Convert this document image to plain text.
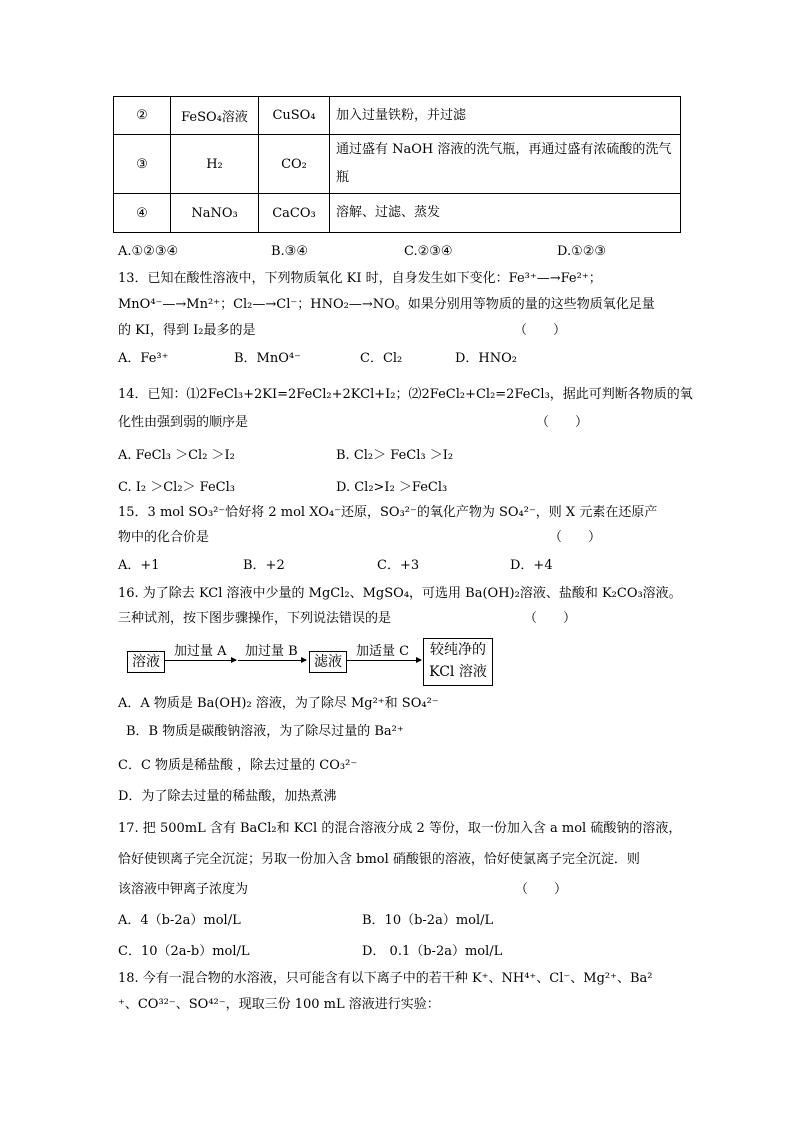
②	FeSO₄溶液	CuSO₄	加入过量铁粉，并过滤
③	H₂	CO₂	通过盛有 NaOH 溶液的洗气瓶，再通过盛有浓硫酸的洗气瓶
④	NaNO₃	CaCO₃	溶解、过滤、蒸发
A.①②③④	B.③④	C.②③④	D.①②③
13．已知在酸性溶液中，下列物质氧化 KI 时，自身发生如下变化：Fe³⁺—→Fe²⁺；
MnO⁴⁻—→Mn²⁺；Cl₂—→Cl⁻；HNO₂—→NO。如果分别用等物质的量的这些物质氧化足量
的 KI，得到 I₂最多的是	（　　）
A．Fe³⁺	B．MnO⁴⁻	C．Cl₂	D．HNO₂
14．已知：⑴2FeCl₃+2KI=2FeCl₂+2KCl+I₂；⑵2FeCl₂+Cl₂=2FeCl₃，据此可判断各物质的氧
化性由强到弱的顺序是	（　　）
A. FeCl₃ ＞Cl₂ ＞I₂	B. Cl₂＞ FeCl₃ ＞I₂
C. I₂ ＞Cl₂＞ FeCl₃	D. Cl₂>I₂ ＞FeCl₃
15．3 mol SO₃²⁻恰好将 2 mol XO₄⁻还原，SO₃²⁻的氧化产物为 SO₄²⁻，则 X 元素在还原产
物中的化合价是	（　　）
A．+1	B．+2	C．+3	D．+4
16. 为了除去 KCl 溶液中少量的 MgCl₂、MgSO₄，可选用 Ba(OH)₂溶液、盐酸和 K₂CO₃溶液。
三种试剂，按下图步骤操作，下列说法错误的是	（　　）
溶液
加过量 A 加过量 B
滤液
加适量 C	较纯净的
KCl 溶液
A．A 物质是 Ba(OH)₂ 溶液，为了除尽 Mg²⁺和 SO₄²⁻
B．B 物质是碳酸钠溶液，为了除尽过量的 Ba²⁺
C．C 物质是稀盐酸 ，除去过量的 CO₃²⁻
D．为了除去过量的稀盐酸，加热煮沸
17. 把 500mL 含有 BaCl₂和 KCl 的混合溶液分成 2 等份，取一份加入含 a mol 硫酸钠的溶液，
恰好使钡离子完全沉淀；另取一份加入含 bmol 硝酸银的溶液，恰好使氯离子完全沉淀．则
该溶液中钾离子浓度为	（　　）
A．4（b-2a）mol/L	B．10（b-2a）mol/L
C．10（2a-b）mol/L	D． 0.1（b-2a）mol/L
18. 今有一混合物的水溶液，只可能含有以下离子中的若干种 K⁺、NH⁴⁺、Cl⁻、Mg²⁺、Ba²
⁺、CO³²⁻、SO⁴²⁻，现取三份 100 mL 溶液进行实验：
